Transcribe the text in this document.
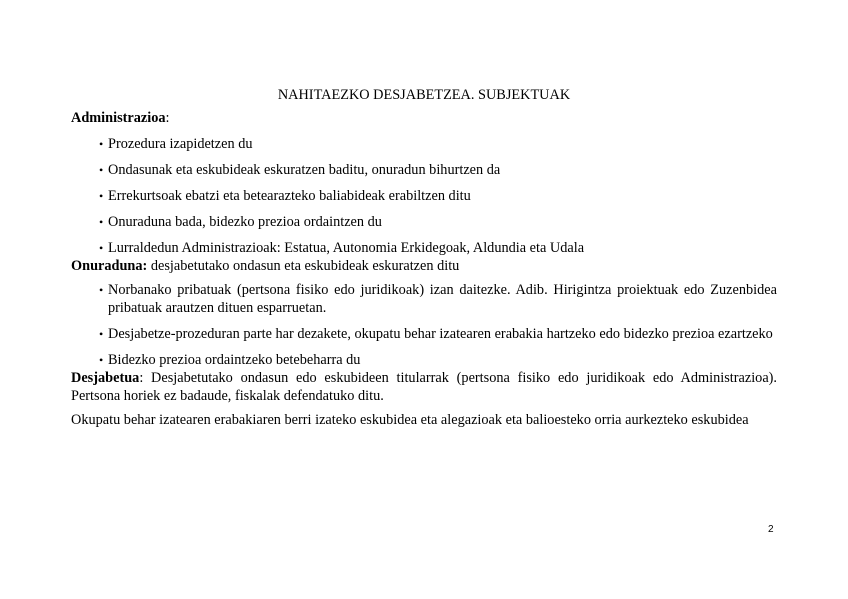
NAHITAEZKO DESJABETZEA. SUBJEKTUAK

Administrazioa:

• Prozedura izapidetzen du
• Ondasunak eta eskubideak eskuratzen baditu, onuradun bihurtzen da
• Errekurtsoak ebatzi eta betearazteko baliabideak erabiltzen ditu
• Onuraduna bada, bidezko prezioa ordaintzen du
• Lurraldedun Administrazioak: Estatua, Autonomia Erkidegoak, Aldundia eta Udala

Onuraduna: desjabetutako ondasun eta eskubideak eskuratzen ditu

• Norbanako pribatuak (pertsona fisiko edo juridikoak) izan daitezke. Adib. Hirigintza proiektuak edo Zuzenbidea pribatuak arautzen dituen esparruetan.
• Desjabetze-prozeduran parte har dezakete, okupatu behar izatearen erabakia hartzeko edo bidezko prezioa ezartzeko
• Bidezko prezioa ordaintzeko betebeharra du

Desjabetua: Desjabetutako ondasun edo eskubideen titularrak (pertsona fisiko edo juridikoak edo Administrazioa). Pertsona horiek ez badaude, fiskalak defendatuko ditu.

Okupatu behar izatearen erabakiaren berri izateko eskubidea eta alegazioak eta balioesteko orria aurkezteko eskubidea

2
